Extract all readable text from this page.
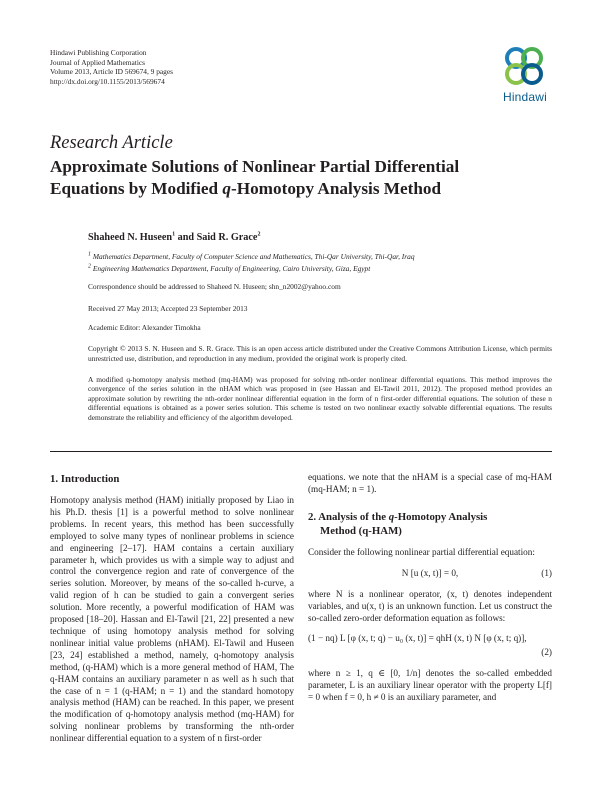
Hindawi Publishing Corporation
Journal of Applied Mathematics
Volume 2013, Article ID 569674, 9 pages
http://dx.doi.org/10.1155/2013/569674
Hindawi
Research Article
Approximate Solutions of Nonlinear Partial Differential
Equations by Modified q-Homotopy Analysis Method
Shaheed N. Huseen$^1$ and Said R. Grace$^2$
$^1$ Mathematics Department, Faculty of Computer Science and Mathematics, Thi-Qar University, Thi-Qar, Iraq
$^2$ Engineering Mathematics Department, Faculty of Engineering, Cairo University, Giza, Egypt
Correspondence should be addressed to Shaheed N. Huseen; shn_n2002@yahoo.com
Received 27 May 2013; Accepted 23 September 2013
Academic Editor: Alexander Timokha
Copyright © 2013 S. N. Huseen and S. R. Grace. This is an open access article distributed under the Creative Commons Attribution License, which permits unrestricted use, distribution, and reproduction in any medium, provided the original work is properly cited.
A modified q-homotopy analysis method (mq-HAM) was proposed for solving nth-order nonlinear differential equations. This method improves the convergence of the series solution in the nHAM which was proposed in (see Hassan and El-Tawil 2011, 2012). The proposed method provides an approximate solution by rewriting the nth-order nonlinear differential equation in the form of n first-order differential equations. The solution of these n differential equations is obtained as a power series solution. This scheme is tested on two nonlinear exactly solvable differential equations. The results demonstrate the reliability and efficiency of the algorithm developed.
1. Introduction

Homotopy analysis method (HAM) initially proposed by Liao in his Ph.D. thesis [1] is a powerful method to solve nonlinear problems. In recent years, this method has been successfully employed to solve many types of nonlinear problems in science and engineering [2–17]. HAM contains a certain auxiliary parameter h, which provides us with a simple way to adjust and control the convergence region and rate of convergence of the series solution. Moreover, by means of the so-called h-curve, a valid region of h can be studied to gain a convergent series solution. More recently, a powerful modification of HAM was proposed [18–20]. Hassan and El-Tawil [21, 22] presented a new technique of using homotopy analysis method for solving nonlinear initial value problems (nHAM). El-Tawil and Huseen [23, 24] established a method, namely, q-homotopy analysis method, (q-HAM) which is a more general method of HAM, The q-HAM contains an auxiliary parameter n as well as h such that the case of n = 1 (q-HAM; n = 1) and the standard homotopy analysis method (HAM) can be reached. In this paper, we present the modification of q-homotopy analysis method (mq-HAM) for solving nonlinear problems by transforming the nth-order nonlinear differential equation to a system of n first-order

equations. we note that the nHAM is a special case of mq-HAM (mq-HAM; n = 1).

2. Analysis of the q-Homotopy Analysis
Method (q-HAM)

Consider the following nonlinear partial differential equation:

N [u (x, t)] = 0,	(1)

where N is a nonlinear operator, (x, t) denotes independent variables, and u(x, t) is an unknown function. Let us construct the so-called zero-order deformation equation as follows:

(1 − nq) L [φ (x, t; q) − u₀ (x, t)] = qhH (x, t) N [φ (x, t; q)],
(2)

where n ≥ 1, q ∈ [0, 1/n] denotes the so-called embedded parameter, L is an auxiliary linear operator with the property L[f] = 0 when f = 0, h ≠ 0 is an auxiliary parameter, and
